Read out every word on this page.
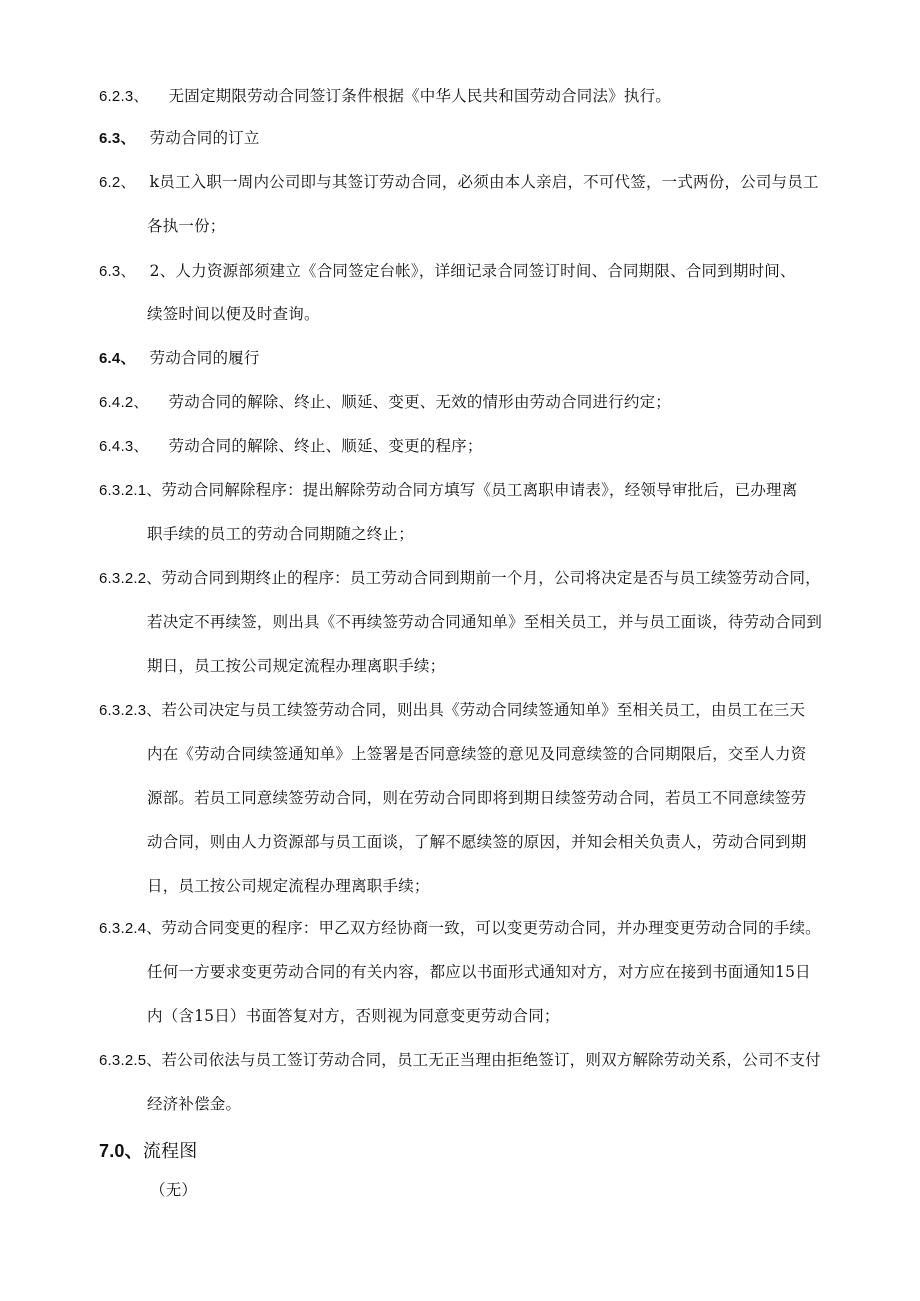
6.2.3、 无固定期限劳动合同签订条件根据《中华人民共和国劳动合同法》执行。
6.3、 劳动合同的订立
6.2、 k员工入职一周内公司即与其签订劳动合同，必须由本人亲启，不可代签，一式两份，公司与员工
各执一份；
6.3、 2、人力资源部须建立《合同签定台帐》，详细记录合同签订时间、合同期限、合同到期时间、
续签时间以便及时查询。
6.4、 劳动合同的履行
6.4.2、 劳动合同的解除、终止、顺延、变更、无效的情形由劳动合同进行约定；
6.4.3、 劳动合同的解除、终止、顺延、变更的程序；
6.3.2.1、劳动合同解除程序：提出解除劳动合同方填写《员工离职申请表》，经领导审批后，已办理离
职手续的员工的劳动合同期随之终止；
6.3.2.2、劳动合同到期终止的程序：员工劳动合同到期前一个月，公司将决定是否与员工续签劳动合同，
若决定不再续签，则出具《不再续签劳动合同通知单》至相关员工，并与员工面谈，待劳动合同到
期日，员工按公司规定流程办理离职手续；
6.3.2.3、若公司决定与员工续签劳动合同，则出具《劳动合同续签通知单》至相关员工，由员工在三天
内在《劳动合同续签通知单》上签署是否同意续签的意见及同意续签的合同期限后，交至人力资
源部。若员工同意续签劳动合同，则在劳动合同即将到期日续签劳动合同，若员工不同意续签劳
动合同，则由人力资源部与员工面谈，了解不愿续签的原因，并知会相关负责人，劳动合同到期
日，员工按公司规定流程办理离职手续；
6.3.2.4、劳动合同变更的程序：甲乙双方经协商一致，可以变更劳动合同，并办理变更劳动合同的手续。
任何一方要求变更劳动合同的有关内容，都应以书面形式通知对方，对方应在接到书面通知15日
内（含15日）书面答复对方，否则视为同意变更劳动合同；
6.3.2.5、若公司依法与员工签订劳动合同，员工无正当理由拒绝签订，则双方解除劳动关系，公司不支付
经济补偿金。
7.0、流程图
（无）
